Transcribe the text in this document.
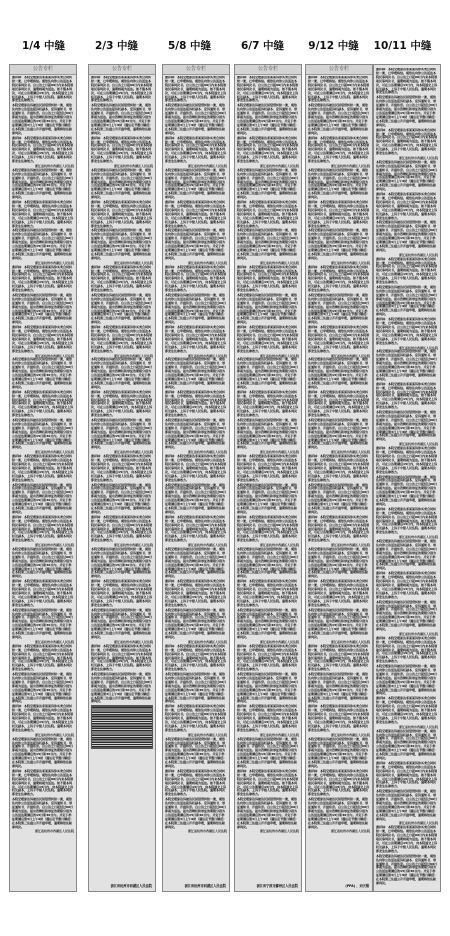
1/4 中缝	2/3 中缝	5/8 中缝	6/7 中缝	9/12 中缝	10/11 中缝
公告专栏

黄祥林：本院受理原告邓某某诉你买卖合同纠纷一案，已审理终结。现依法向你公告送达本院民事判决书。自公告之日起60日内来本院领取民事判决书，逾期则视为送达。如不服本判决，可在公告期满后15日内，向本院递交上诉状及副本，上诉于中级人民法院。逾期本判决即发生法律效力。

本院受理原告诉被告民间借贷纠纷一案，现依法向你公告送达起诉状副本、应诉通知书、举证通知书、开庭传票。自公告之日起经过60日即视为送达。提出答辩状和举证的期限分别为公告送达期满后的15日和30日内。并定于举证期满后第3日上午9时（遇法定节假日顺延）在本院第三法庭公开开庭审理，逾期将依法缺席判决。

黄祥林：本院受理原告邓某某诉你买卖合同纠纷一案，已审理终结。现依法向你公告送达本院民事判决书。自公告之日起60日内来本院领取民事判决书，逾期则视为送达。如不服本判决，可在公告期满后15日内，向本院递交上诉状及副本，上诉于中级人民法院。逾期本判决即发生法律效力。

浙江省杭州市西湖区人民法院

本院受理原告诉被告民间借贷纠纷一案，现依法向你公告送达起诉状副本、应诉通知书、举证通知书、开庭传票。自公告之日起经过60日即视为送达。提出答辩状和举证的期限分别为公告送达期满后的15日和30日内。并定于举证期满后第3日上午9时（遇法定节假日顺延）在本院第三法庭公开开庭审理，逾期将依法缺席判决。

黄祥林：本院受理原告邓某某诉你买卖合同纠纷一案，已审理终结。现依法向你公告送达本院民事判决书。自公告之日起60日内来本院领取民事判决书，逾期则视为送达。如不服本判决，可在公告期满后15日内，向本院递交上诉状及副本，上诉于中级人民法院。逾期本判决即发生法律效力。

本院受理原告诉被告民间借贷纠纷一案，现依法向你公告送达起诉状副本、应诉通知书、举证通知书、开庭传票。自公告之日起经过60日即视为送达。提出答辩状和举证的期限分别为公告送达期满后的15日和30日内。并定于举证期满后第3日上午9时（遇法定节假日顺延）在本院第三法庭公开开庭审理，逾期将依法缺席判决。

浙江省杭州市西湖区人民法院

黄祥林：本院受理原告邓某某诉你买卖合同纠纷一案，已审理终结。现依法向你公告送达本院民事判决书。自公告之日起60日内来本院领取民事判决书，逾期则视为送达。如不服本判决，可在公告期满后15日内，向本院递交上诉状及副本，上诉于中级人民法院。逾期本判决即发生法律效力。

本院受理原告诉被告民间借贷纠纷一案，现依法向你公告送达起诉状副本、应诉通知书、举证通知书、开庭传票。自公告之日起经过60日即视为送达。提出答辩状和举证的期限分别为公告送达期满后的15日和30日内。并定于举证期满后第3日上午9时（遇法定节假日顺延）在本院第三法庭公开开庭审理，逾期将依法缺席判决。

黄祥林：本院受理原告邓某某诉你买卖合同纠纷一案，已审理终结。现依法向你公告送达本院民事判决书。自公告之日起60日内来本院领取民事判决书，逾期则视为送达。如不服本判决，可在公告期满后15日内，向本院递交上诉状及副本，上诉于中级人民法院。逾期本判决即发生法律效力。

浙江省杭州市西湖区人民法院

本院受理原告诉被告民间借贷纠纷一案，现依法向你公告送达起诉状副本、应诉通知书、举证通知书、开庭传票。自公告之日起经过60日即视为送达。提出答辩状和举证的期限分别为公告送达期满后的15日和30日内。并定于举证期满后第3日上午9时（遇法定节假日顺延）在本院第三法庭公开开庭审理，逾期将依法缺席判决。

黄祥林：本院受理原告邓某某诉你买卖合同纠纷一案，已审理终结。现依法向你公告送达本院民事判决书。自公告之日起60日内来本院领取民事判决书，逾期则视为送达。如不服本判决，可在公告期满后15日内，向本院递交上诉状及副本，上诉于中级人民法院。逾期本判决即发生法律效力。

本院受理原告诉被告民间借贷纠纷一案，现依法向你公告送达起诉状副本、应诉通知书、举证通知书、开庭传票。自公告之日起经过60日即视为送达。提出答辩状和举证的期限分别为公告送达期满后的15日和30日内。并定于举证期满后第3日上午9时（遇法定节假日顺延）在本院第三法庭公开开庭审理，逾期将依法缺席判决。

浙江省杭州市西湖区人民法院

黄祥林：本院受理原告邓某某诉你买卖合同纠纷一案，已审理终结。现依法向你公告送达本院民事判决书。自公告之日起60日内来本院领取民事判决书，逾期则视为送达。如不服本判决，可在公告期满后15日内，向本院递交上诉状及副本，上诉于中级人民法院。逾期本判决即发生法律效力。

本院受理原告诉被告民间借贷纠纷一案，现依法向你公告送达起诉状副本、应诉通知书、举证通知书、开庭传票。自公告之日起经过60日即视为送达。提出答辩状和举证的期限分别为公告送达期满后的15日和30日内。并定于举证期满后第3日上午9时（遇法定节假日顺延）在本院第三法庭公开开庭审理，逾期将依法缺席判决。

黄祥林：本院受理原告邓某某诉你买卖合同纠纷一案，已审理终结。现依法向你公告送达本院民事判决书。自公告之日起60日内来本院领取民事判决书，逾期则视为送达。如不服本判决，可在公告期满后15日内，向本院递交上诉状及副本，上诉于中级人民法院。逾期本判决即发生法律效力。

浙江省杭州市西湖区人民法院

本院受理原告诉被告民间借贷纠纷一案，现依法向你公告送达起诉状副本、应诉通知书、举证通知书、开庭传票。自公告之日起经过60日即视为送达。提出答辩状和举证的期限分别为公告送达期满后的15日和30日内。并定于举证期满后第3日上午9时（遇法定节假日顺延）在本院第三法庭公开开庭审理，逾期将依法缺席判决。

黄祥林：本院受理原告邓某某诉你买卖合同纠纷一案，已审理终结。现依法向你公告送达本院民事判决书。自公告之日起60日内来本院领取民事判决书，逾期则视为送达。如不服本判决，可在公告期满后15日内，向本院递交上诉状及副本，上诉于中级人民法院。逾期本判决即发生法律效力。

本院受理原告诉被告民间借贷纠纷一案，现依法向你公告送达起诉状副本、应诉通知书、举证通知书、开庭传票。自公告之日起经过60日即视为送达。提出答辩状和举证的期限分别为公告送达期满后的15日和30日内。并定于举证期满后第3日上午9时（遇法定节假日顺延）在本院第三法庭公开开庭审理，逾期将依法缺席判决。

浙江省杭州市西湖区人民法院

黄祥林：本院受理原告邓某某诉你买卖合同纠纷一案，已审理终结。现依法向你公告送达本院民事判决书。自公告之日起60日内来本院领取民事判决书，逾期则视为送达。如不服本判决，可在公告期满后15日内，向本院递交上诉状及副本，上诉于中级人民法院。逾期本判决即发生法律效力。

本院受理原告诉被告民间借贷纠纷一案，现依法向你公告送达起诉状副本、应诉通知书、举证通知书、开庭传票。自公告之日起经过60日即视为送达。提出答辩状和举证的期限分别为公告送达期满后的15日和30日内。并定于举证期满后第3日上午9时（遇法定节假日顺延）在本院第三法庭公开开庭审理，逾期将依法缺席判决。

黄祥林：本院受理原告邓某某诉你买卖合同纠纷一案，已审理终结。现依法向你公告送达本院民事判决书。自公告之日起60日内来本院领取民事判决书，逾期则视为送达。如不服本判决，可在公告期满后15日内，向本院递交上诉状及副本，上诉于中级人民法院。逾期本判决即发生法律效力。

浙江省杭州市西湖区人民法院

本院受理原告诉被告民间借贷纠纷一案，现依法向你公告送达起诉状副本、应诉通知书、举证通知书、开庭传票。自公告之日起经过60日即视为送达。提出答辩状和举证的期限分别为公告送达期满后的15日和30日内。并定于举证期满后第3日上午9时（遇法定节假日顺延）在本院第三法庭公开开庭审理，逾期将依法缺席判决。

黄祥林：本院受理原告邓某某诉你买卖合同纠纷一案，已审理终结。现依法向你公告送达本院民事判决书。自公告之日起60日内来本院领取民事判决书，逾期则视为送达。如不服本判决，可在公告期满后15日内，向本院递交上诉状及副本，上诉于中级人民法院。逾期本判决即发生法律效力。

本院受理原告诉被告民间借贷纠纷一案，现依法向你公告送达起诉状副本、应诉通知书、举证通知书、开庭传票。自公告之日起经过60日即视为送达。提出答辩状和举证的期限分别为公告送达期满后的15日和30日内。并定于举证期满后第3日上午9时（遇法定节假日顺延）在本院第三法庭公开开庭审理，逾期将依法缺席判决。

浙江省杭州市西湖区人民法院
公告专栏

黄祥林：本院受理原告邓某某诉你买卖合同纠纷一案，已审理终结。现依法向你公告送达本院民事判决书。自公告之日起60日内来本院领取民事判决书，逾期则视为送达。如不服本判决，可在公告期满后15日内，向本院递交上诉状及副本，上诉于中级人民法院。逾期本判决即发生法律效力。

本院受理原告诉被告民间借贷纠纷一案，现依法向你公告送达起诉状副本、应诉通知书、举证通知书、开庭传票。自公告之日起经过60日即视为送达。提出答辩状和举证的期限分别为公告送达期满后的15日和30日内。并定于举证期满后第3日上午9时（遇法定节假日顺延）在本院第三法庭公开开庭审理，逾期将依法缺席判决。

黄祥林：本院受理原告邓某某诉你买卖合同纠纷一案，已审理终结。现依法向你公告送达本院民事判决书。自公告之日起60日内来本院领取民事判决书，逾期则视为送达。如不服本判决，可在公告期满后15日内，向本院递交上诉状及副本，上诉于中级人民法院。逾期本判决即发生法律效力。

浙江省杭州市西湖区人民法院

本院受理原告诉被告民间借贷纠纷一案，现依法向你公告送达起诉状副本、应诉通知书、举证通知书、开庭传票。自公告之日起经过60日即视为送达。提出答辩状和举证的期限分别为公告送达期满后的15日和30日内。并定于举证期满后第3日上午9时（遇法定节假日顺延）在本院第三法庭公开开庭审理，逾期将依法缺席判决。

黄祥林：本院受理原告邓某某诉你买卖合同纠纷一案，已审理终结。现依法向你公告送达本院民事判决书。自公告之日起60日内来本院领取民事判决书，逾期则视为送达。如不服本判决，可在公告期满后15日内，向本院递交上诉状及副本，上诉于中级人民法院。逾期本判决即发生法律效力。

本院受理原告诉被告民间借贷纠纷一案，现依法向你公告送达起诉状副本、应诉通知书、举证通知书、开庭传票。自公告之日起经过60日即视为送达。提出答辩状和举证的期限分别为公告送达期满后的15日和30日内。并定于举证期满后第3日上午9时（遇法定节假日顺延）在本院第三法庭公开开庭审理，逾期将依法缺席判决。

浙江省杭州市西湖区人民法院

黄祥林：本院受理原告邓某某诉你买卖合同纠纷一案，已审理终结。现依法向你公告送达本院民事判决书。自公告之日起60日内来本院领取民事判决书，逾期则视为送达。如不服本判决，可在公告期满后15日内，向本院递交上诉状及副本，上诉于中级人民法院。逾期本判决即发生法律效力。

本院受理原告诉被告民间借贷纠纷一案，现依法向你公告送达起诉状副本、应诉通知书、举证通知书、开庭传票。自公告之日起经过60日即视为送达。提出答辩状和举证的期限分别为公告送达期满后的15日和30日内。并定于举证期满后第3日上午9时（遇法定节假日顺延）在本院第三法庭公开开庭审理，逾期将依法缺席判决。

黄祥林：本院受理原告邓某某诉你买卖合同纠纷一案，已审理终结。现依法向你公告送达本院民事判决书。自公告之日起60日内来本院领取民事判决书，逾期则视为送达。如不服本判决，可在公告期满后15日内，向本院递交上诉状及副本，上诉于中级人民法院。逾期本判决即发生法律效力。

浙江省杭州市西湖区人民法院

本院受理原告诉被告民间借贷纠纷一案，现依法向你公告送达起诉状副本、应诉通知书、举证通知书、开庭传票。自公告之日起经过60日即视为送达。提出答辩状和举证的期限分别为公告送达期满后的15日和30日内。并定于举证期满后第3日上午9时（遇法定节假日顺延）在本院第三法庭公开开庭审理，逾期将依法缺席判决。

黄祥林：本院受理原告邓某某诉你买卖合同纠纷一案，已审理终结。现依法向你公告送达本院民事判决书。自公告之日起60日内来本院领取民事判决书，逾期则视为送达。如不服本判决，可在公告期满后15日内，向本院递交上诉状及副本，上诉于中级人民法院。逾期本判决即发生法律效力。

本院受理原告诉被告民间借贷纠纷一案，现依法向你公告送达起诉状副本、应诉通知书、举证通知书、开庭传票。自公告之日起经过60日即视为送达。提出答辩状和举证的期限分别为公告送达期满后的15日和30日内。并定于举证期满后第3日上午9时（遇法定节假日顺延）在本院第三法庭公开开庭审理，逾期将依法缺席判决。

浙江省杭州市西湖区人民法院

黄祥林：本院受理原告邓某某诉你买卖合同纠纷一案，已审理终结。现依法向你公告送达本院民事判决书。自公告之日起60日内来本院领取民事判决书，逾期则视为送达。如不服本判决，可在公告期满后15日内，向本院递交上诉状及副本，上诉于中级人民法院。逾期本判决即发生法律效力。

本院受理原告诉被告民间借贷纠纷一案，现依法向你公告送达起诉状副本、应诉通知书、举证通知书、开庭传票。自公告之日起经过60日即视为送达。提出答辩状和举证的期限分别为公告送达期满后的15日和30日内。并定于举证期满后第3日上午9时（遇法定节假日顺延）在本院第三法庭公开开庭审理，逾期将依法缺席判决。

黄祥林：本院受理原告邓某某诉你买卖合同纠纷一案，已审理终结。现依法向你公告送达本院民事判决书。自公告之日起60日内来本院领取民事判决书，逾期则视为送达。如不服本判决，可在公告期满后15日内，向本院递交上诉状及副本，上诉于中级人民法院。逾期本判决即发生法律效力。

浙江省杭州市西湖区人民法院

本院受理原告诉被告民间借贷纠纷一案，现依法向你公告送达起诉状副本、应诉通知书、举证通知书、开庭传票。自公告之日起经过60日即视为送达。提出答辩状和举证的期限分别为公告送达期满后的15日和30日内。并定于举证期满后第3日上午9时（遇法定节假日顺延）在本院第三法庭公开开庭审理，逾期将依法缺席判决。

黄祥林：本院受理原告邓某某诉你买卖合同纠纷一案，已审理终结。现依法向你公告送达本院民事判决书。自公告之日起60日内来本院领取民事判决书，逾期则视为送达。如不服本判决，可在公告期满后15日内，向本院递交上诉状及副本，上诉于中级人民法院。逾期本判决即发生法律效力。

本院受理原告诉被告民间借贷纠纷一案，现依法向你公告送达起诉状副本、应诉通知书、举证通知书、开庭传票。自公告之日起经过60日即视为送达。提出答辩状和举证的期限分别为公告送达期满后的15日和30日内。并定于举证期满后第3日上午9时（遇法定节假日顺延）在本院第三法庭公开开庭审理，逾期将依法缺席判决。

浙江省杭州市西湖区人民法院

黄祥林：本院受理原告邓某某诉你买卖合同纠纷一案，已审理终结。现依法向你公告送达本院民事判决书。自公告之日起60日内来本院领取民事判决书，逾期则视为送达。如不服本判决，可在公告期满后15日内，向本院递交上诉状及副本，上诉于中级人民法院。逾期本判决即发生法律效力。

本院受理原告诉被告民间借贷纠纷一案，现依法向你公告送达起诉状副本、应诉通知书、举证通知书、开庭传票。自公告之日起经过60日即视为送达。提出答辩状和举证的期限分别为公告送达期满后的15日和30日内。并定于举证期满后第3日上午9时（遇法定节假日顺延）在本院第三法庭公开开庭审理，逾期将依法缺席判决。

浙江省杭州市西湖区人民法院
公告专栏

黄祥林：本院受理原告邓某某诉你买卖合同纠纷一案，已审理终结。现依法向你公告送达本院民事判决书。自公告之日起60日内来本院领取民事判决书，逾期则视为送达。如不服本判决，可在公告期满后15日内，向本院递交上诉状及副本，上诉于中级人民法院。逾期本判决即发生法律效力。

本院受理原告诉被告民间借贷纠纷一案，现依法向你公告送达起诉状副本、应诉通知书、举证通知书、开庭传票。自公告之日起经过60日即视为送达。提出答辩状和举证的期限分别为公告送达期满后的15日和30日内。并定于举证期满后第3日上午9时（遇法定节假日顺延）在本院第三法庭公开开庭审理，逾期将依法缺席判决。

黄祥林：本院受理原告邓某某诉你买卖合同纠纷一案，已审理终结。现依法向你公告送达本院民事判决书。自公告之日起60日内来本院领取民事判决书，逾期则视为送达。如不服本判决，可在公告期满后15日内，向本院递交上诉状及副本，上诉于中级人民法院。逾期本判决即发生法律效力。

浙江省杭州市西湖区人民法院

本院受理原告诉被告民间借贷纠纷一案，现依法向你公告送达起诉状副本、应诉通知书、举证通知书、开庭传票。自公告之日起经过60日即视为送达。提出答辩状和举证的期限分别为公告送达期满后的15日和30日内。并定于举证期满后第3日上午9时（遇法定节假日顺延）在本院第三法庭公开开庭审理，逾期将依法缺席判决。

黄祥林：本院受理原告邓某某诉你买卖合同纠纷一案，已审理终结。现依法向你公告送达本院民事判决书。自公告之日起60日内来本院领取民事判决书，逾期则视为送达。如不服本判决，可在公告期满后15日内，向本院递交上诉状及副本，上诉于中级人民法院。逾期本判决即发生法律效力。

本院受理原告诉被告民间借贷纠纷一案，现依法向你公告送达起诉状副本、应诉通知书、举证通知书、开庭传票。自公告之日起经过60日即视为送达。提出答辩状和举证的期限分别为公告送达期满后的15日和30日内。并定于举证期满后第3日上午9时（遇法定节假日顺延）在本院第三法庭公开开庭审理，逾期将依法缺席判决。

浙江省杭州市西湖区人民法院

黄祥林：本院受理原告邓某某诉你买卖合同纠纷一案，已审理终结。现依法向你公告送达本院民事判决书。自公告之日起60日内来本院领取民事判决书，逾期则视为送达。如不服本判决，可在公告期满后15日内，向本院递交上诉状及副本，上诉于中级人民法院。逾期本判决即发生法律效力。

本院受理原告诉被告民间借贷纠纷一案，现依法向你公告送达起诉状副本、应诉通知书、举证通知书、开庭传票。自公告之日起经过60日即视为送达。提出答辩状和举证的期限分别为公告送达期满后的15日和30日内。并定于举证期满后第3日上午9时（遇法定节假日顺延）在本院第三法庭公开开庭审理，逾期将依法缺席判决。

黄祥林：本院受理原告邓某某诉你买卖合同纠纷一案，已审理终结。现依法向你公告送达本院民事判决书。自公告之日起60日内来本院领取民事判决书，逾期则视为送达。如不服本判决，可在公告期满后15日内，向本院递交上诉状及副本，上诉于中级人民法院。逾期本判决即发生法律效力。

浙江省杭州市西湖区人民法院

本院受理原告诉被告民间借贷纠纷一案，现依法向你公告送达起诉状副本、应诉通知书、举证通知书、开庭传票。自公告之日起经过60日即视为送达。提出答辩状和举证的期限分别为公告送达期满后的15日和30日内。并定于举证期满后第3日上午9时（遇法定节假日顺延）在本院第三法庭公开开庭审理，逾期将依法缺席判决。

黄祥林：本院受理原告邓某某诉你买卖合同纠纷一案，已审理终结。现依法向你公告送达本院民事判决书。自公告之日起60日内来本院领取民事判决书，逾期则视为送达。如不服本判决，可在公告期满后15日内，向本院递交上诉状及副本，上诉于中级人民法院。逾期本判决即发生法律效力。

本院受理原告诉被告民间借贷纠纷一案，现依法向你公告送达起诉状副本、应诉通知书、举证通知书、开庭传票。自公告之日起经过60日即视为送达。提出答辩状和举证的期限分别为公告送达期满后的15日和30日内。并定于举证期满后第3日上午9时（遇法定节假日顺延）在本院第三法庭公开开庭审理，逾期将依法缺席判决。

浙江省杭州市西湖区人民法院

黄祥林：本院受理原告邓某某诉你买卖合同纠纷一案，已审理终结。现依法向你公告送达本院民事判决书。自公告之日起60日内来本院领取民事判决书，逾期则视为送达。如不服本判决，可在公告期满后15日内，向本院递交上诉状及副本，上诉于中级人民法院。逾期本判决即发生法律效力。

本院受理原告诉被告民间借贷纠纷一案，现依法向你公告送达起诉状副本、应诉通知书、举证通知书、开庭传票。自公告之日起经过60日即视为送达。提出答辩状和举证的期限分别为公告送达期满后的15日和30日内。并定于举证期满后第3日上午9时（遇法定节假日顺延）在本院第三法庭公开开庭审理，逾期将依法缺席判决。

黄祥林：本院受理原告邓某某诉你买卖合同纠纷一案，已审理终结。现依法向你公告送达本院民事判决书。自公告之日起60日内来本院领取民事判决书，逾期则视为送达。如不服本判决，可在公告期满后15日内，向本院递交上诉状及副本，上诉于中级人民法院。逾期本判决即发生法律效力。

浙江省杭州市西湖区人民法院

本院受理原告诉被告民间借贷纠纷一案，现依法向你公告送达起诉状副本、应诉通知书、举证通知书、开庭传票。自公告之日起经过60日即视为送达。提出答辩状和举证的期限分别为公告送达期满后的15日和30日内。并定于举证期满后第3日上午9时（遇法定节假日顺延）在本院第三法庭公开开庭审理，逾期将依法缺席判决。

黄祥林：本院受理原告邓某某诉你买卖合同纠纷一案，已审理终结。现依法向你公告送达本院民事判决书。自公告之日起60日内来本院领取民事判决书，逾期则视为送达。如不服本判决，可在公告期满后15日内，向本院递交上诉状及副本，上诉于中级人民法院。逾期本判决即发生法律效力。

本院受理原告诉被告民间借贷纠纷一案，现依法向你公告送达起诉状副本、应诉通知书、举证通知书、开庭传票。自公告之日起经过60日即视为送达。提出答辩状和举证的期限分别为公告送达期满后的15日和30日内。并定于举证期满后第3日上午9时（遇法定节假日顺延）在本院第三法庭公开开庭审理，逾期将依法缺席判决。

浙江省杭州市西湖区人民法院

黄祥林：本院受理原告邓某某诉你买卖合同纠纷一案，已审理终结。现依法向你公告送达本院民事判决书。自公告之日起60日内来本院领取民事判决书，逾期则视为送达。如不服本判决，可在公告期满后15日内，向本院递交上诉状及副本，上诉于中级人民法院。逾期本判决即发生法律效力。

本院受理原告诉被告民间借贷纠纷一案，现依法向你公告送达起诉状副本、应诉通知书、举证通知书、开庭传票。自公告之日起经过60日即视为送达。提出答辩状和举证的期限分别为公告送达期满后的15日和30日内。并定于举证期满后第3日上午9时（遇法定节假日顺延）在本院第三法庭公开开庭审理，逾期将依法缺席判决。

黄祥林：本院受理原告邓某某诉你买卖合同纠纷一案，已审理终结。现依法向你公告送达本院民事判决书。自公告之日起60日内来本院领取民事判决书，逾期则视为送达。如不服本判决，可在公告期满后15日内，向本院递交上诉状及副本，上诉于中级人民法院。逾期本判决即发生法律效力。

浙江省杭州市西湖区人民法院

本院受理原告诉被告民间借贷纠纷一案，现依法向你公告送达起诉状副本、应诉通知书、举证通知书、开庭传票。自公告之日起经过60日即视为送达。提出答辩状和举证的期限分别为公告送达期满后的15日和30日内。并定于举证期满后第3日上午9时（遇法定节假日顺延）在本院第三法庭公开开庭审理，逾期将依法缺席判决。

黄祥林：本院受理原告邓某某诉你买卖合同纠纷一案，已审理终结。现依法向你公告送达本院民事判决书。自公告之日起60日内来本院领取民事判决书，逾期则视为送达。如不服本判决，可在公告期满后15日内，向本院递交上诉状及副本，上诉于中级人民法院。逾期本判决即发生法律效力。

本院受理原告诉被告民间借贷纠纷一案，现依法向你公告送达起诉状副本、应诉通知书、举证通知书、开庭传票。自公告之日起经过60日即视为送达。提出答辩状和举证的期限分别为公告送达期满后的15日和30日内。并定于举证期满后第3日上午9时（遇法定节假日顺延）在本院第三法庭公开开庭审理，逾期将依法缺席判决。

浙江省杭州市西湖区人民法院
浙江省杭州市西湖区人民法院
公告专栏

黄祥林：本院受理原告邓某某诉你买卖合同纠纷一案，已审理终结。现依法向你公告送达本院民事判决书。自公告之日起60日内来本院领取民事判决书，逾期则视为送达。如不服本判决，可在公告期满后15日内，向本院递交上诉状及副本，上诉于中级人民法院。逾期本判决即发生法律效力。

本院受理原告诉被告民间借贷纠纷一案，现依法向你公告送达起诉状副本、应诉通知书、举证通知书、开庭传票。自公告之日起经过60日即视为送达。提出答辩状和举证的期限分别为公告送达期满后的15日和30日内。并定于举证期满后第3日上午9时（遇法定节假日顺延）在本院第三法庭公开开庭审理，逾期将依法缺席判决。

黄祥林：本院受理原告邓某某诉你买卖合同纠纷一案，已审理终结。现依法向你公告送达本院民事判决书。自公告之日起60日内来本院领取民事判决书，逾期则视为送达。如不服本判决，可在公告期满后15日内，向本院递交上诉状及副本，上诉于中级人民法院。逾期本判决即发生法律效力。

浙江省杭州市西湖区人民法院

本院受理原告诉被告民间借贷纠纷一案，现依法向你公告送达起诉状副本、应诉通知书、举证通知书、开庭传票。自公告之日起经过60日即视为送达。提出答辩状和举证的期限分别为公告送达期满后的15日和30日内。并定于举证期满后第3日上午9时（遇法定节假日顺延）在本院第三法庭公开开庭审理，逾期将依法缺席判决。

黄祥林：本院受理原告邓某某诉你买卖合同纠纷一案，已审理终结。现依法向你公告送达本院民事判决书。自公告之日起60日内来本院领取民事判决书，逾期则视为送达。如不服本判决，可在公告期满后15日内，向本院递交上诉状及副本，上诉于中级人民法院。逾期本判决即发生法律效力。

本院受理原告诉被告民间借贷纠纷一案，现依法向你公告送达起诉状副本、应诉通知书、举证通知书、开庭传票。自公告之日起经过60日即视为送达。提出答辩状和举证的期限分别为公告送达期满后的15日和30日内。并定于举证期满后第3日上午9时（遇法定节假日顺延）在本院第三法庭公开开庭审理，逾期将依法缺席判决。

浙江省杭州市西湖区人民法院

黄祥林：本院受理原告邓某某诉你买卖合同纠纷一案，已审理终结。现依法向你公告送达本院民事判决书。自公告之日起60日内来本院领取民事判决书，逾期则视为送达。如不服本判决，可在公告期满后15日内，向本院递交上诉状及副本，上诉于中级人民法院。逾期本判决即发生法律效力。

本院受理原告诉被告民间借贷纠纷一案，现依法向你公告送达起诉状副本、应诉通知书、举证通知书、开庭传票。自公告之日起经过60日即视为送达。提出答辩状和举证的期限分别为公告送达期满后的15日和30日内。并定于举证期满后第3日上午9时（遇法定节假日顺延）在本院第三法庭公开开庭审理，逾期将依法缺席判决。

黄祥林：本院受理原告邓某某诉你买卖合同纠纷一案，已审理终结。现依法向你公告送达本院民事判决书。自公告之日起60日内来本院领取民事判决书，逾期则视为送达。如不服本判决，可在公告期满后15日内，向本院递交上诉状及副本，上诉于中级人民法院。逾期本判决即发生法律效力。

浙江省杭州市西湖区人民法院

本院受理原告诉被告民间借贷纠纷一案，现依法向你公告送达起诉状副本、应诉通知书、举证通知书、开庭传票。自公告之日起经过60日即视为送达。提出答辩状和举证的期限分别为公告送达期满后的15日和30日内。并定于举证期满后第3日上午9时（遇法定节假日顺延）在本院第三法庭公开开庭审理，逾期将依法缺席判决。

黄祥林：本院受理原告邓某某诉你买卖合同纠纷一案，已审理终结。现依法向你公告送达本院民事判决书。自公告之日起60日内来本院领取民事判决书，逾期则视为送达。如不服本判决，可在公告期满后15日内，向本院递交上诉状及副本，上诉于中级人民法院。逾期本判决即发生法律效力。

本院受理原告诉被告民间借贷纠纷一案，现依法向你公告送达起诉状副本、应诉通知书、举证通知书、开庭传票。自公告之日起经过60日即视为送达。提出答辩状和举证的期限分别为公告送达期满后的15日和30日内。并定于举证期满后第3日上午9时（遇法定节假日顺延）在本院第三法庭公开开庭审理，逾期将依法缺席判决。

浙江省杭州市西湖区人民法院

黄祥林：本院受理原告邓某某诉你买卖合同纠纷一案，已审理终结。现依法向你公告送达本院民事判决书。自公告之日起60日内来本院领取民事判决书，逾期则视为送达。如不服本判决，可在公告期满后15日内，向本院递交上诉状及副本，上诉于中级人民法院。逾期本判决即发生法律效力。

本院受理原告诉被告民间借贷纠纷一案，现依法向你公告送达起诉状副本、应诉通知书、举证通知书、开庭传票。自公告之日起经过60日即视为送达。提出答辩状和举证的期限分别为公告送达期满后的15日和30日内。并定于举证期满后第3日上午9时（遇法定节假日顺延）在本院第三法庭公开开庭审理，逾期将依法缺席判决。

黄祥林：本院受理原告邓某某诉你买卖合同纠纷一案，已审理终结。现依法向你公告送达本院民事判决书。自公告之日起60日内来本院领取民事判决书，逾期则视为送达。如不服本判决，可在公告期满后15日内，向本院递交上诉状及副本，上诉于中级人民法院。逾期本判决即发生法律效力。

浙江省杭州市西湖区人民法院

本院受理原告诉被告民间借贷纠纷一案，现依法向你公告送达起诉状副本、应诉通知书、举证通知书、开庭传票。自公告之日起经过60日即视为送达。提出答辩状和举证的期限分别为公告送达期满后的15日和30日内。并定于举证期满后第3日上午9时（遇法定节假日顺延）在本院第三法庭公开开庭审理，逾期将依法缺席判决。

黄祥林：本院受理原告邓某某诉你买卖合同纠纷一案，已审理终结。现依法向你公告送达本院民事判决书。自公告之日起60日内来本院领取民事判决书，逾期则视为送达。如不服本判决，可在公告期满后15日内，向本院递交上诉状及副本，上诉于中级人民法院。逾期本判决即发生法律效力。

本院受理原告诉被告民间借贷纠纷一案，现依法向你公告送达起诉状副本、应诉通知书、举证通知书、开庭传票。自公告之日起经过60日即视为送达。提出答辩状和举证的期限分别为公告送达期满后的15日和30日内。并定于举证期满后第3日上午9时（遇法定节假日顺延）在本院第三法庭公开开庭审理，逾期将依法缺席判决。

浙江省杭州市西湖区人民法院

黄祥林：本院受理原告邓某某诉你买卖合同纠纷一案，已审理终结。现依法向你公告送达本院民事判决书。自公告之日起60日内来本院领取民事判决书，逾期则视为送达。如不服本判决，可在公告期满后15日内，向本院递交上诉状及副本，上诉于中级人民法院。逾期本判决即发生法律效力。

本院受理原告诉被告民间借贷纠纷一案，现依法向你公告送达起诉状副本、应诉通知书、举证通知书、开庭传票。自公告之日起经过60日即视为送达。提出答辩状和举证的期限分别为公告送达期满后的15日和30日内。并定于举证期满后第3日上午9时（遇法定节假日顺延）在本院第三法庭公开开庭审理，逾期将依法缺席判决。

黄祥林：本院受理原告邓某某诉你买卖合同纠纷一案，已审理终结。现依法向你公告送达本院民事判决书。自公告之日起60日内来本院领取民事判决书，逾期则视为送达。如不服本判决，可在公告期满后15日内，向本院递交上诉状及副本，上诉于中级人民法院。逾期本判决即发生法律效力。

浙江省杭州市西湖区人民法院

本院受理原告诉被告民间借贷纠纷一案，现依法向你公告送达起诉状副本、应诉通知书、举证通知书、开庭传票。自公告之日起经过60日即视为送达。提出答辩状和举证的期限分别为公告送达期满后的15日和30日内。并定于举证期满后第3日上午9时（遇法定节假日顺延）在本院第三法庭公开开庭审理，逾期将依法缺席判决。

黄祥林：本院受理原告邓某某诉你买卖合同纠纷一案，已审理终结。现依法向你公告送达本院民事判决书。自公告之日起60日内来本院领取民事判决书，逾期则视为送达。如不服本判决，可在公告期满后15日内，向本院递交上诉状及副本，上诉于中级人民法院。逾期本判决即发生法律效力。

本院受理原告诉被告民间借贷纠纷一案，现依法向你公告送达起诉状副本、应诉通知书、举证通知书、开庭传票。自公告之日起经过60日即视为送达。提出答辩状和举证的期限分别为公告送达期满后的15日和30日内。并定于举证期满后第3日上午9时（遇法定节假日顺延）在本院第三法庭公开开庭审理，逾期将依法缺席判决。

浙江省杭州市西湖区人民法院
浙江省宁波市鄞州区人民法院
公告专栏

黄祥林：本院受理原告邓某某诉你买卖合同纠纷一案，已审理终结。现依法向你公告送达本院民事判决书。自公告之日起60日内来本院领取民事判决书，逾期则视为送达。如不服本判决，可在公告期满后15日内，向本院递交上诉状及副本，上诉于中级人民法院。逾期本判决即发生法律效力。

本院受理原告诉被告民间借贷纠纷一案，现依法向你公告送达起诉状副本、应诉通知书、举证通知书、开庭传票。自公告之日起经过60日即视为送达。提出答辩状和举证的期限分别为公告送达期满后的15日和30日内。并定于举证期满后第3日上午9时（遇法定节假日顺延）在本院第三法庭公开开庭审理，逾期将依法缺席判决。

黄祥林：本院受理原告邓某某诉你买卖合同纠纷一案，已审理终结。现依法向你公告送达本院民事判决书。自公告之日起60日内来本院领取民事判决书，逾期则视为送达。如不服本判决，可在公告期满后15日内，向本院递交上诉状及副本，上诉于中级人民法院。逾期本判决即发生法律效力。

浙江省杭州市西湖区人民法院

本院受理原告诉被告民间借贷纠纷一案，现依法向你公告送达起诉状副本、应诉通知书、举证通知书、开庭传票。自公告之日起经过60日即视为送达。提出答辩状和举证的期限分别为公告送达期满后的15日和30日内。并定于举证期满后第3日上午9时（遇法定节假日顺延）在本院第三法庭公开开庭审理，逾期将依法缺席判决。

黄祥林：本院受理原告邓某某诉你买卖合同纠纷一案，已审理终结。现依法向你公告送达本院民事判决书。自公告之日起60日内来本院领取民事判决书，逾期则视为送达。如不服本判决，可在公告期满后15日内，向本院递交上诉状及副本，上诉于中级人民法院。逾期本判决即发生法律效力。

本院受理原告诉被告民间借贷纠纷一案，现依法向你公告送达起诉状副本、应诉通知书、举证通知书、开庭传票。自公告之日起经过60日即视为送达。提出答辩状和举证的期限分别为公告送达期满后的15日和30日内。并定于举证期满后第3日上午9时（遇法定节假日顺延）在本院第三法庭公开开庭审理，逾期将依法缺席判决。

浙江省杭州市西湖区人民法院

黄祥林：本院受理原告邓某某诉你买卖合同纠纷一案，已审理终结。现依法向你公告送达本院民事判决书。自公告之日起60日内来本院领取民事判决书，逾期则视为送达。如不服本判决，可在公告期满后15日内，向本院递交上诉状及副本，上诉于中级人民法院。逾期本判决即发生法律效力。

本院受理原告诉被告民间借贷纠纷一案，现依法向你公告送达起诉状副本、应诉通知书、举证通知书、开庭传票。自公告之日起经过60日即视为送达。提出答辩状和举证的期限分别为公告送达期满后的15日和30日内。并定于举证期满后第3日上午9时（遇法定节假日顺延）在本院第三法庭公开开庭审理，逾期将依法缺席判决。

黄祥林：本院受理原告邓某某诉你买卖合同纠纷一案，已审理终结。现依法向你公告送达本院民事判决书。自公告之日起60日内来本院领取民事判决书，逾期则视为送达。如不服本判决，可在公告期满后15日内，向本院递交上诉状及副本，上诉于中级人民法院。逾期本判决即发生法律效力。

浙江省杭州市西湖区人民法院

本院受理原告诉被告民间借贷纠纷一案，现依法向你公告送达起诉状副本、应诉通知书、举证通知书、开庭传票。自公告之日起经过60日即视为送达。提出答辩状和举证的期限分别为公告送达期满后的15日和30日内。并定于举证期满后第3日上午9时（遇法定节假日顺延）在本院第三法庭公开开庭审理，逾期将依法缺席判决。

黄祥林：本院受理原告邓某某诉你买卖合同纠纷一案，已审理终结。现依法向你公告送达本院民事判决书。自公告之日起60日内来本院领取民事判决书，逾期则视为送达。如不服本判决，可在公告期满后15日内，向本院递交上诉状及副本，上诉于中级人民法院。逾期本判决即发生法律效力。

本院受理原告诉被告民间借贷纠纷一案，现依法向你公告送达起诉状副本、应诉通知书、举证通知书、开庭传票。自公告之日起经过60日即视为送达。提出答辩状和举证的期限分别为公告送达期满后的15日和30日内。并定于举证期满后第3日上午9时（遇法定节假日顺延）在本院第三法庭公开开庭审理，逾期将依法缺席判决。

浙江省杭州市西湖区人民法院

黄祥林：本院受理原告邓某某诉你买卖合同纠纷一案，已审理终结。现依法向你公告送达本院民事判决书。自公告之日起60日内来本院领取民事判决书，逾期则视为送达。如不服本判决，可在公告期满后15日内，向本院递交上诉状及副本，上诉于中级人民法院。逾期本判决即发生法律效力。

本院受理原告诉被告民间借贷纠纷一案，现依法向你公告送达起诉状副本、应诉通知书、举证通知书、开庭传票。自公告之日起经过60日即视为送达。提出答辩状和举证的期限分别为公告送达期满后的15日和30日内。并定于举证期满后第3日上午9时（遇法定节假日顺延）在本院第三法庭公开开庭审理，逾期将依法缺席判决。

黄祥林：本院受理原告邓某某诉你买卖合同纠纷一案，已审理终结。现依法向你公告送达本院民事判决书。自公告之日起60日内来本院领取民事判决书，逾期则视为送达。如不服本判决，可在公告期满后15日内，向本院递交上诉状及副本，上诉于中级人民法院。逾期本判决即发生法律效力。

浙江省杭州市西湖区人民法院

本院受理原告诉被告民间借贷纠纷一案，现依法向你公告送达起诉状副本、应诉通知书、举证通知书、开庭传票。自公告之日起经过60日即视为送达。提出答辩状和举证的期限分别为公告送达期满后的15日和30日内。并定于举证期满后第3日上午9时（遇法定节假日顺延）在本院第三法庭公开开庭审理，逾期将依法缺席判决。

黄祥林：本院受理原告邓某某诉你买卖合同纠纷一案，已审理终结。现依法向你公告送达本院民事判决书。自公告之日起60日内来本院领取民事判决书，逾期则视为送达。如不服本判决，可在公告期满后15日内，向本院递交上诉状及副本，上诉于中级人民法院。逾期本判决即发生法律效力。

本院受理原告诉被告民间借贷纠纷一案，现依法向你公告送达起诉状副本、应诉通知书、举证通知书、开庭传票。自公告之日起经过60日即视为送达。提出答辩状和举证的期限分别为公告送达期满后的15日和30日内。并定于举证期满后第3日上午9时（遇法定节假日顺延）在本院第三法庭公开开庭审理，逾期将依法缺席判决。

浙江省杭州市西湖区人民法院

黄祥林：本院受理原告邓某某诉你买卖合同纠纷一案，已审理终结。现依法向你公告送达本院民事判决书。自公告之日起60日内来本院领取民事判决书，逾期则视为送达。如不服本判决，可在公告期满后15日内，向本院递交上诉状及副本，上诉于中级人民法院。逾期本判决即发生法律效力。

本院受理原告诉被告民间借贷纠纷一案，现依法向你公告送达起诉状副本、应诉通知书、举证通知书、开庭传票。自公告之日起经过60日即视为送达。提出答辩状和举证的期限分别为公告送达期满后的15日和30日内。并定于举证期满后第3日上午9时（遇法定节假日顺延）在本院第三法庭公开开庭审理，逾期将依法缺席判决。

黄祥林：本院受理原告邓某某诉你买卖合同纠纷一案，已审理终结。现依法向你公告送达本院民事判决书。自公告之日起60日内来本院领取民事判决书，逾期则视为送达。如不服本判决，可在公告期满后15日内，向本院递交上诉状及副本，上诉于中级人民法院。逾期本判决即发生法律效力。

浙江省杭州市西湖区人民法院

本院受理原告诉被告民间借贷纠纷一案，现依法向你公告送达起诉状副本、应诉通知书、举证通知书、开庭传票。自公告之日起经过60日即视为送达。提出答辩状和举证的期限分别为公告送达期满后的15日和30日内。并定于举证期满后第3日上午9时（遇法定节假日顺延）在本院第三法庭公开开庭审理，逾期将依法缺席判决。

黄祥林：本院受理原告邓某某诉你买卖合同纠纷一案，已审理终结。现依法向你公告送达本院民事判决书。自公告之日起60日内来本院领取民事判决书，逾期则视为送达。如不服本判决，可在公告期满后15日内，向本院递交上诉状及副本，上诉于中级人民法院。逾期本判决即发生法律效力。

本院受理原告诉被告民间借贷纠纷一案，现依法向你公告送达起诉状副本、应诉通知书、举证通知书、开庭传票。自公告之日起经过60日即视为送达。提出答辩状和举证的期限分别为公告送达期满后的15日和30日内。并定于举证期满后第3日上午9时（遇法定节假日顺延）在本院第三法庭公开开庭审理，逾期将依法缺席判决。

浙江省杭州市西湖区人民法院
(PPA) 、刘天锡

黄祥林：本院受理原告邓某某诉你买卖合同纠纷一案，已审理终结。现依法向你公告送达本院民事判决书。自公告之日起60日内来本院领取民事判决书，逾期则视为送达。如不服本判决，可在公告期满后15日内，向本院递交上诉状及副本，上诉于中级人民法院。逾期本判决即发生法律效力。

本院受理原告诉被告民间借贷纠纷一案，现依法向你公告送达起诉状副本、应诉通知书、举证通知书、开庭传票。自公告之日起经过60日即视为送达。提出答辩状和举证的期限分别为公告送达期满后的15日和30日内。并定于举证期满后第3日上午9时（遇法定节假日顺延）在本院第三法庭公开开庭审理，逾期将依法缺席判决。

黄祥林：本院受理原告邓某某诉你买卖合同纠纷一案，已审理终结。现依法向你公告送达本院民事判决书。自公告之日起60日内来本院领取民事判决书，逾期则视为送达。如不服本判决，可在公告期满后15日内，向本院递交上诉状及副本，上诉于中级人民法院。逾期本判决即发生法律效力。

浙江省杭州市西湖区人民法院

本院受理原告诉被告民间借贷纠纷一案，现依法向你公告送达起诉状副本、应诉通知书、举证通知书、开庭传票。自公告之日起经过60日即视为送达。提出答辩状和举证的期限分别为公告送达期满后的15日和30日内。并定于举证期满后第3日上午9时（遇法定节假日顺延）在本院第三法庭公开开庭审理，逾期将依法缺席判决。

黄祥林：本院受理原告邓某某诉你买卖合同纠纷一案，已审理终结。现依法向你公告送达本院民事判决书。自公告之日起60日内来本院领取民事判决书，逾期则视为送达。如不服本判决，可在公告期满后15日内，向本院递交上诉状及副本，上诉于中级人民法院。逾期本判决即发生法律效力。

本院受理原告诉被告民间借贷纠纷一案，现依法向你公告送达起诉状副本、应诉通知书、举证通知书、开庭传票。自公告之日起经过60日即视为送达。提出答辩状和举证的期限分别为公告送达期满后的15日和30日内。并定于举证期满后第3日上午9时（遇法定节假日顺延）在本院第三法庭公开开庭审理，逾期将依法缺席判决。

浙江省杭州市西湖区人民法院

黄祥林：本院受理原告邓某某诉你买卖合同纠纷一案，已审理终结。现依法向你公告送达本院民事判决书。自公告之日起60日内来本院领取民事判决书，逾期则视为送达。如不服本判决，可在公告期满后15日内，向本院递交上诉状及副本，上诉于中级人民法院。逾期本判决即发生法律效力。

本院受理原告诉被告民间借贷纠纷一案，现依法向你公告送达起诉状副本、应诉通知书、举证通知书、开庭传票。自公告之日起经过60日即视为送达。提出答辩状和举证的期限分别为公告送达期满后的15日和30日内。并定于举证期满后第3日上午9时（遇法定节假日顺延）在本院第三法庭公开开庭审理，逾期将依法缺席判决。

黄祥林：本院受理原告邓某某诉你买卖合同纠纷一案，已审理终结。现依法向你公告送达本院民事判决书。自公告之日起60日内来本院领取民事判决书，逾期则视为送达。如不服本判决，可在公告期满后15日内，向本院递交上诉状及副本，上诉于中级人民法院。逾期本判决即发生法律效力。

浙江省杭州市西湖区人民法院

本院受理原告诉被告民间借贷纠纷一案，现依法向你公告送达起诉状副本、应诉通知书、举证通知书、开庭传票。自公告之日起经过60日即视为送达。提出答辩状和举证的期限分别为公告送达期满后的15日和30日内。并定于举证期满后第3日上午9时（遇法定节假日顺延）在本院第三法庭公开开庭审理，逾期将依法缺席判决。

黄祥林：本院受理原告邓某某诉你买卖合同纠纷一案，已审理终结。现依法向你公告送达本院民事判决书。自公告之日起60日内来本院领取民事判决书，逾期则视为送达。如不服本判决，可在公告期满后15日内，向本院递交上诉状及副本，上诉于中级人民法院。逾期本判决即发生法律效力。

本院受理原告诉被告民间借贷纠纷一案，现依法向你公告送达起诉状副本、应诉通知书、举证通知书、开庭传票。自公告之日起经过60日即视为送达。提出答辩状和举证的期限分别为公告送达期满后的15日和30日内。并定于举证期满后第3日上午9时（遇法定节假日顺延）在本院第三法庭公开开庭审理，逾期将依法缺席判决。

浙江省杭州市西湖区人民法院

黄祥林：本院受理原告邓某某诉你买卖合同纠纷一案，已审理终结。现依法向你公告送达本院民事判决书。自公告之日起60日内来本院领取民事判决书，逾期则视为送达。如不服本判决，可在公告期满后15日内，向本院递交上诉状及副本，上诉于中级人民法院。逾期本判决即发生法律效力。

本院受理原告诉被告民间借贷纠纷一案，现依法向你公告送达起诉状副本、应诉通知书、举证通知书、开庭传票。自公告之日起经过60日即视为送达。提出答辩状和举证的期限分别为公告送达期满后的15日和30日内。并定于举证期满后第3日上午9时（遇法定节假日顺延）在本院第三法庭公开开庭审理，逾期将依法缺席判决。

黄祥林：本院受理原告邓某某诉你买卖合同纠纷一案，已审理终结。现依法向你公告送达本院民事判决书。自公告之日起60日内来本院领取民事判决书，逾期则视为送达。如不服本判决，可在公告期满后15日内，向本院递交上诉状及副本，上诉于中级人民法院。逾期本判决即发生法律效力。

浙江省杭州市西湖区人民法院

本院受理原告诉被告民间借贷纠纷一案，现依法向你公告送达起诉状副本、应诉通知书、举证通知书、开庭传票。自公告之日起经过60日即视为送达。提出答辩状和举证的期限分别为公告送达期满后的15日和30日内。并定于举证期满后第3日上午9时（遇法定节假日顺延）在本院第三法庭公开开庭审理，逾期将依法缺席判决。

黄祥林：本院受理原告邓某某诉你买卖合同纠纷一案，已审理终结。现依法向你公告送达本院民事判决书。自公告之日起60日内来本院领取民事判决书，逾期则视为送达。如不服本判决，可在公告期满后15日内，向本院递交上诉状及副本，上诉于中级人民法院。逾期本判决即发生法律效力。

本院受理原告诉被告民间借贷纠纷一案，现依法向你公告送达起诉状副本、应诉通知书、举证通知书、开庭传票。自公告之日起经过60日即视为送达。提出答辩状和举证的期限分别为公告送达期满后的15日和30日内。并定于举证期满后第3日上午9时（遇法定节假日顺延）在本院第三法庭公开开庭审理，逾期将依法缺席判决。

浙江省杭州市西湖区人民法院

黄祥林：本院受理原告邓某某诉你买卖合同纠纷一案，已审理终结。现依法向你公告送达本院民事判决书。自公告之日起60日内来本院领取民事判决书，逾期则视为送达。如不服本判决，可在公告期满后15日内，向本院递交上诉状及副本，上诉于中级人民法院。逾期本判决即发生法律效力。

本院受理原告诉被告民间借贷纠纷一案，现依法向你公告送达起诉状副本、应诉通知书、举证通知书、开庭传票。自公告之日起经过60日即视为送达。提出答辩状和举证的期限分别为公告送达期满后的15日和30日内。并定于举证期满后第3日上午9时（遇法定节假日顺延）在本院第三法庭公开开庭审理，逾期将依法缺席判决。

黄祥林：本院受理原告邓某某诉你买卖合同纠纷一案，已审理终结。现依法向你公告送达本院民事判决书。自公告之日起60日内来本院领取民事判决书，逾期则视为送达。如不服本判决，可在公告期满后15日内，向本院递交上诉状及副本，上诉于中级人民法院。逾期本判决即发生法律效力。

浙江省杭州市西湖区人民法院

本院受理原告诉被告民间借贷纠纷一案，现依法向你公告送达起诉状副本、应诉通知书、举证通知书、开庭传票。自公告之日起经过60日即视为送达。提出答辩状和举证的期限分别为公告送达期满后的15日和30日内。并定于举证期满后第3日上午9时（遇法定节假日顺延）在本院第三法庭公开开庭审理，逾期将依法缺席判决。

黄祥林：本院受理原告邓某某诉你买卖合同纠纷一案，已审理终结。现依法向你公告送达本院民事判决书。自公告之日起60日内来本院领取民事判决书，逾期则视为送达。如不服本判决，可在公告期满后15日内，向本院递交上诉状及副本，上诉于中级人民法院。逾期本判决即发生法律效力。

本院受理原告诉被告民间借贷纠纷一案，现依法向你公告送达起诉状副本、应诉通知书、举证通知书、开庭传票。自公告之日起经过60日即视为送达。提出答辩状和举证的期限分别为公告送达期满后的15日和30日内。并定于举证期满后第3日上午9时（遇法定节假日顺延）在本院第三法庭公开开庭审理，逾期将依法缺席判决。

浙江省杭州市西湖区人民法院

黄祥林：本院受理原告邓某某诉你买卖合同纠纷一案，已审理终结。现依法向你公告送达本院民事判决书。自公告之日起60日内来本院领取民事判决书，逾期则视为送达。如不服本判决，可在公告期满后15日内，向本院递交上诉状及副本，上诉于中级人民法院。逾期本判决即发生法律效力。

本院受理原告诉被告民间借贷纠纷一案，现依法向你公告送达起诉状副本、应诉通知书、举证通知书、开庭传票。自公告之日起经过60日即视为送达。提出答辩状和举证的期限分别为公告送达期满后的15日和30日内。并定于举证期满后第3日上午9时（遇法定节假日顺延）在本院第三法庭公开开庭审理，逾期将依法缺席判决。
